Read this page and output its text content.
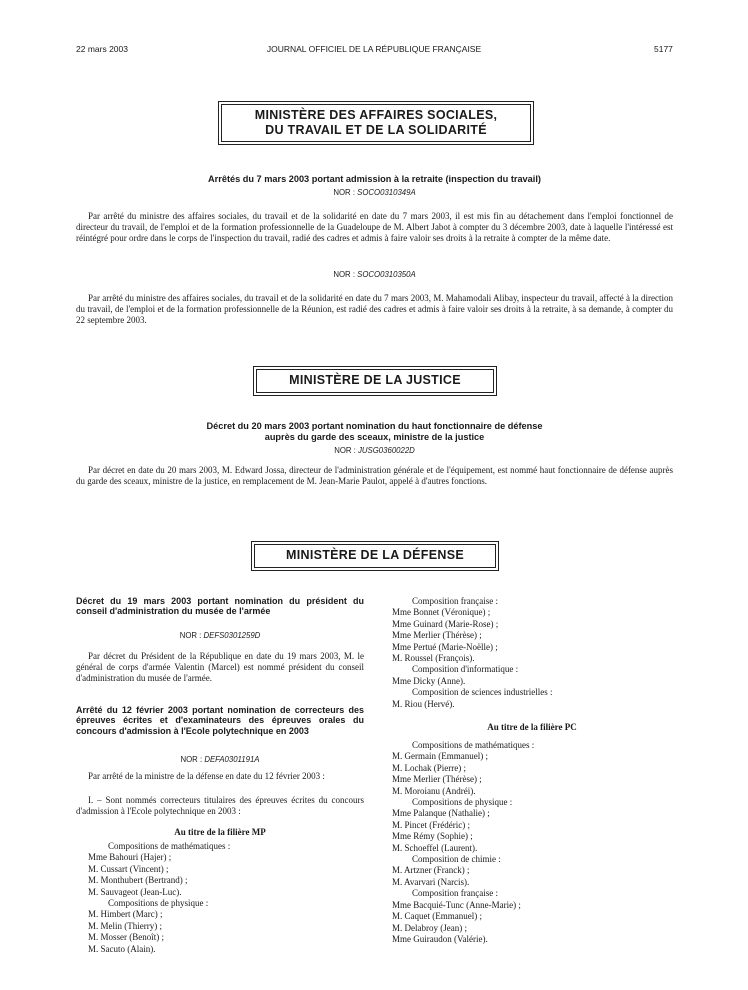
22 mars 2003	JOURNAL OFFICIEL DE LA RÉPUBLIQUE FRANÇAISE	5177
MINISTÈRE DES AFFAIRES SOCIALES,
DU TRAVAIL ET DE LA SOLIDARITÉ
Arrêtés du 7 mars 2003 portant admission à la retraite (inspection du travail)
NOR : SOCO0310349A
Par arrêté du ministre des affaires sociales, du travail et de la solidarité en date du 7 mars 2003, il est mis fin au détachement dans l'emploi fonctionnel de directeur du travail, de l'emploi et de la formation professionnelle de la Guadeloupe de M. Albert Jabot à compter du 3 décembre 2003, date à laquelle l'intéressé est réintégré pour ordre dans le corps de l'inspection du travail, radié des cadres et admis à faire valoir ses droits à la retraite à compter de la même date.
NOR : SOCO0310350A
Par arrêté du ministre des affaires sociales, du travail et de la solidarité en date du 7 mars 2003, M. Mahamodali Alibay, inspecteur du travail, affecté à la direction du travail, de l'emploi et de la formation professionnelle de la Réunion, est radié des cadres et admis à faire valoir ses droits à la retraite, à sa demande, à compter du 22 septembre 2003.
MINISTÈRE DE LA JUSTICE
Décret du 20 mars 2003 portant nomination du haut fonctionnaire de défense
auprès du garde des sceaux, ministre de la justice
NOR : JUSG0360022D
Par décret en date du 20 mars 2003, M. Edward Jossa, directeur de l'administration générale et de l'équipement, est nommé haut fonctionnaire de défense auprès du garde des sceaux, ministre de la justice, en remplacement de M. Jean-Marie Paulot, appelé à d'autres fonctions.
MINISTÈRE DE LA DÉFENSE
Décret du 19 mars 2003 portant nomination du président du conseil d'administration du musée de l'armée
NOR : DEFS0301259D
Par décret du Président de la République en date du 19 mars 2003, M. le général de corps d'armée Valentin (Marcel) est nommé président du conseil d'administration du musée de l'armée.
Arrêté du 12 février 2003 portant nomination de correcteurs des épreuves écrites et d'examinateurs des épreuves orales du concours d'admission à l'Ecole polytechnique en 2003
NOR : DEFA0301191A
Par arrêté de la ministre de la défense en date du 12 février 2003 :
I. – Sont nommés correcteurs titulaires des épreuves écrites du concours d'admission à l'Ecole polytechnique en 2003 :
Au titre de la filière MP
Compositions de mathématiques :
Mme Bahouri (Hajer) ;
M. Cussart (Vincent) ;
M. Monthubert (Bertrand) ;
M. Sauvageot (Jean-Luc).
Compositions de physique :
M. Himbert (Marc) ;
M. Melin (Thierry) ;
M. Mosser (Benoît) ;
M. Sacuto (Alain).
Composition française :
Mme Bonnet (Véronique) ;
Mme Guinard (Marie-Rose) ;
Mme Merlier (Thérèse) ;
Mme Pertué (Marie-Noëlle) ;
M. Roussel (François).
Composition d'informatique :
Mme Dicky (Anne).
Composition de sciences industrielles :
M. Riou (Hervé).
Au titre de la filière PC
Compositions de mathématiques :
M. Germain (Emmanuel) ;
M. Lochak (Pierre) ;
Mme Merlier (Thérèse) ;
M. Moroianu (Andréi).
Compositions de physique :
Mme Palanque (Nathalie) ;
M. Pincet (Frédéric) ;
Mme Rémy (Sophie) ;
M. Schoeffel (Laurent).
Composition de chimie :
M. Artzner (Franck) ;
M. Avarvari (Narcis).
Composition française :
Mme Bacquié-Tunc (Anne-Marie) ;
M. Caquet (Emmanuel) ;
M. Delabroy (Jean) ;
Mme Guiraudon (Valérie).
